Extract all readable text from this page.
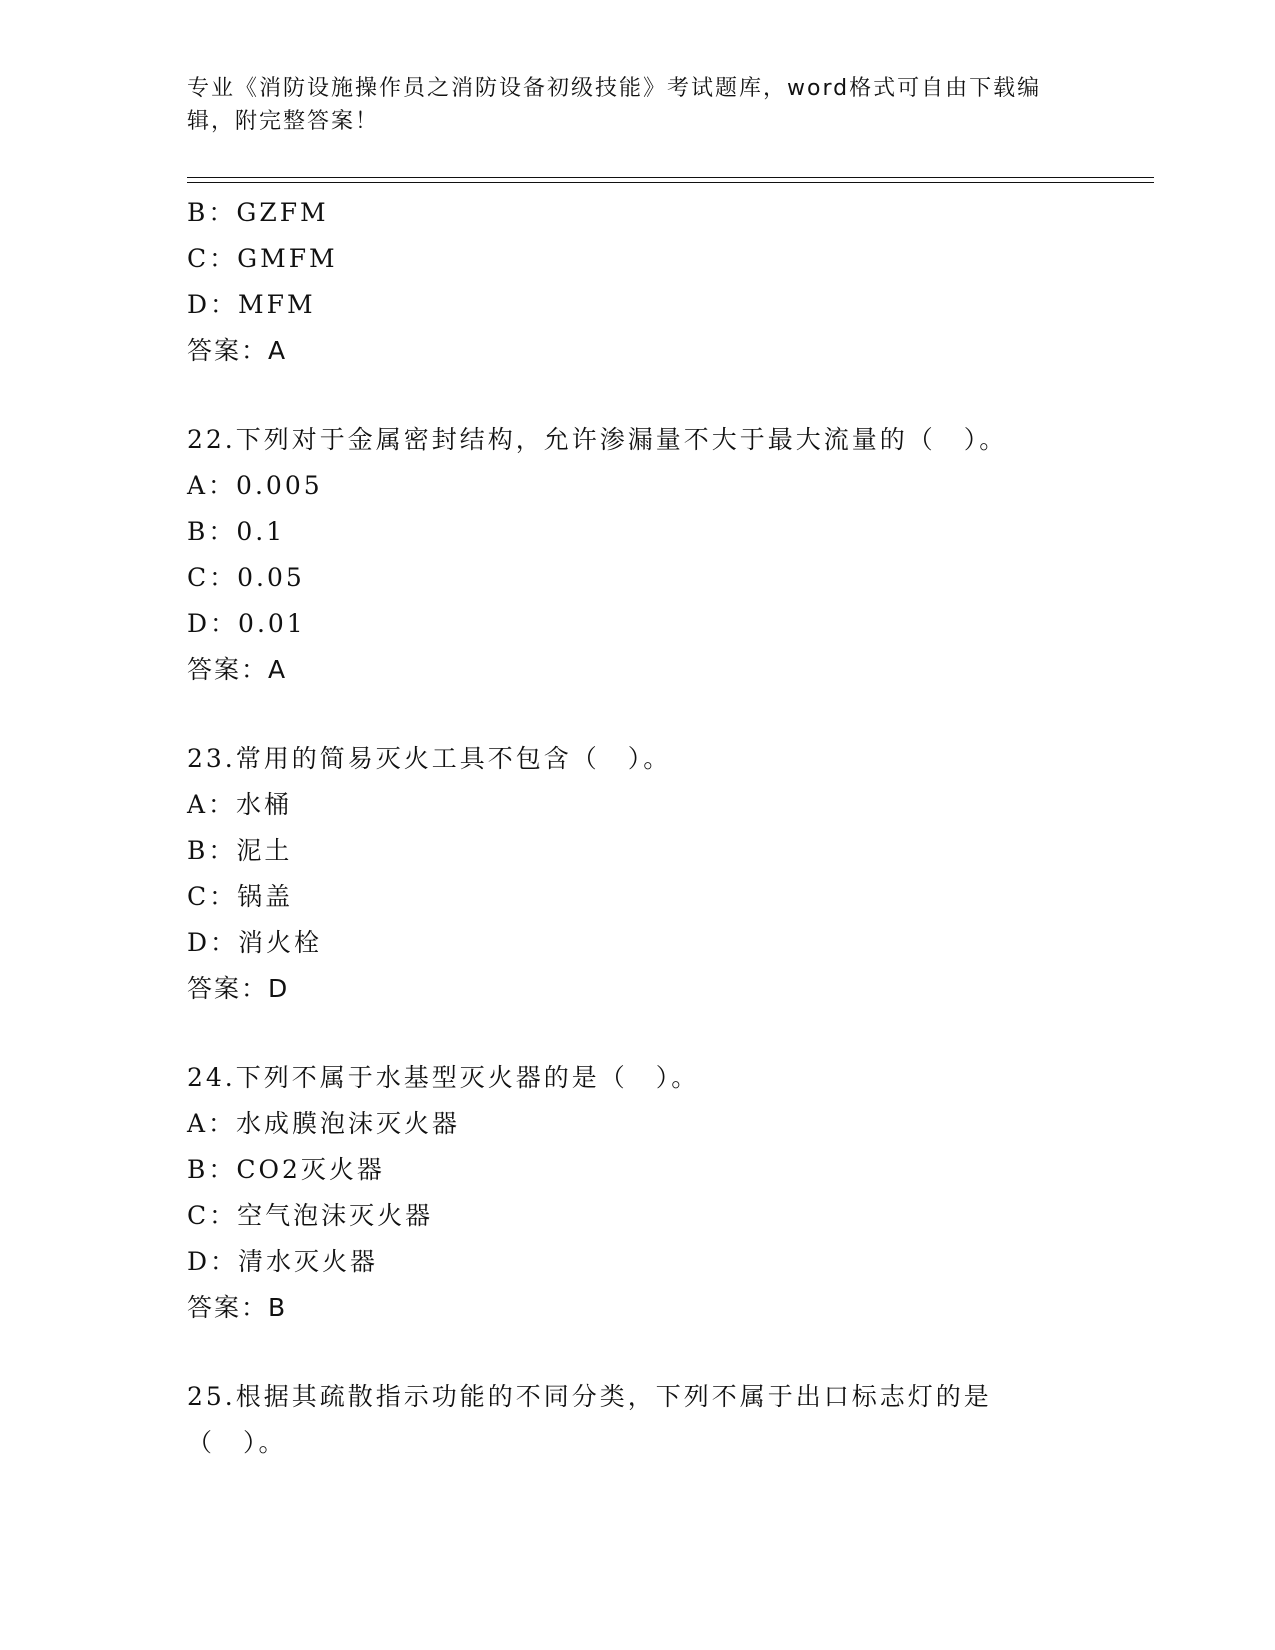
专业《消防设施操作员之消防设备初级技能》考试题库，word格式可自由下载编辑，附完整答案！
B：GZFM
C：GMFM
D：MFM
答案：A
22.下列对于金属密封结构，允许渗漏量不大于最大流量的（　）。
A：0.005
B：0.1
C：0.05
D：0.01
答案：A
23.常用的简易灭火工具不包含（　）。
A：水桶
B：泥土
C：锅盖
D：消火栓
答案：D
24.下列不属于水基型灭火器的是（　）。
A：水成膜泡沫灭火器
B：CO2灭火器
C：空气泡沫灭火器
D：清水灭火器
答案：B
25.根据其疏散指示功能的不同分类，下列不属于出口标志灯的是（　）。
